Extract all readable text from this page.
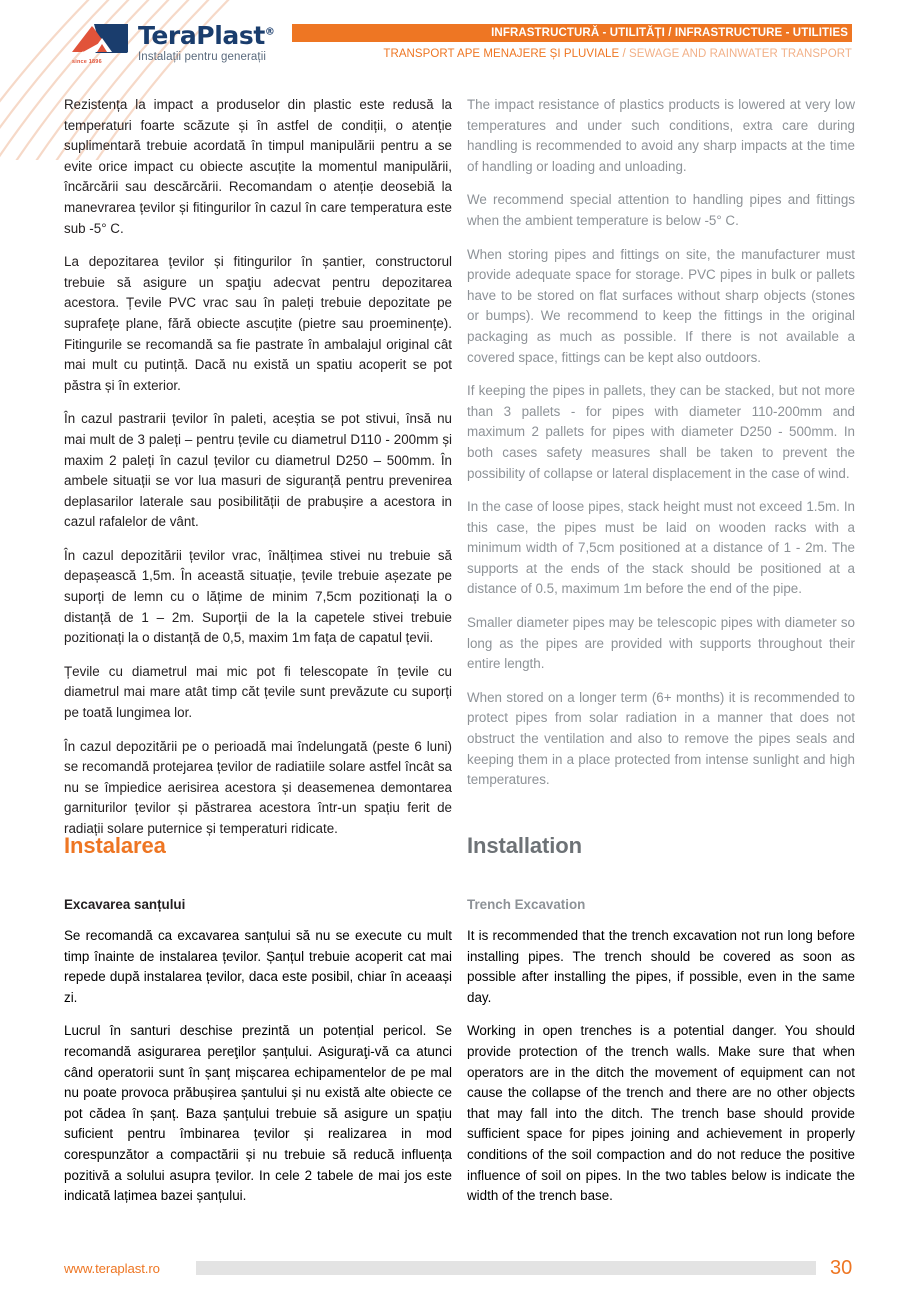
since 1896
TeraPlast®
Instalații pentru generații
INFRASTRUCTURĂ - UTILITĂȚI / INFRASTRUCTURE - UTILITIES
TRANSPORT APE MENAJERE ȘI PLUVIALE / SEWAGE AND RAINWATER TRANSPORT

Rezistența la impact a produselor din plastic este redusă la temperaturi foarte scăzute și în astfel de condiții, o atenție suplimentară trebuie acordată în timpul manipulării pentru a se evite orice impact cu obiecte ascuțite la momentul manipulării, încărcării sau descărcării. Recomandam o atenție deosebiă la manevrarea țevilor și fitingurilor în cazul în care temperatura este sub -5° C.

La depozitarea țevilor și fitingurilor în șantier, constructorul trebuie să asigure un spaţiu adecvat pentru depozitarea acestora. Țevile PVC vrac sau în paleți trebuie depozitate pe suprafețe plane, fără obiecte ascuțite (pietre sau proeminențe). Fitingurile se recomandă sa fie pastrate în ambalajul original cât mai mult cu putință. Dacă nu există un spatiu acoperit se pot păstra și în exterior.

În cazul pastrarii țevilor în paleti, aceștia se pot stivui, însă nu mai mult de 3 paleți – pentru țevile cu diametrul D110 - 200mm și maxim 2 paleți în cazul țevilor cu diametrul D250 – 500mm. În ambele situații se vor lua masuri de siguranță pentru prevenirea deplasarilor laterale sau posibilității de prabușire a acestora in cazul rafalelor de vânt.

În cazul depozitării țevilor vrac, înălțimea stivei nu trebuie să depașească 1,5m. În această situație, țevile trebuie așezate pe suporți de lemn cu o lățime de minim 7,5cm pozitionați la o distanță de 1 – 2m. Suporții de la la capetele stivei trebuie pozitionați la o distanță de 0,5, maxim 1m fața de capatul țevii.

Țevile cu diametrul mai mic pot fi telescopate în țevile cu diametrul mai mare atât timp căt țevile sunt prevăzute cu suporți pe toată lungimea lor.

În cazul depozitării pe o perioadă mai îndelungată (peste 6 luni) se recomandă protejarea țevilor de radiatiile solare astfel încât sa nu se împiedice aerisirea acestora și deasemenea demontarea garniturilor țevilor și păstrarea acestora într-un spațiu ferit de radiații solare puternice și temperaturi ridicate.

The impact resistance of plastics products is lowered at very low temperatures and under such conditions, extra care during handling is recommended to avoid any sharp impacts at the time of handling or loading and unloading.

We recommend special attention to handling pipes and fittings when the ambient temperature is below -5° C.

When storing pipes and fittings on site, the manufacturer must provide adequate space for storage. PVC pipes in bulk or pallets have to be stored on flat surfaces without sharp objects (stones or bumps). We recommend to keep the fittings in the original packaging as much as possible. If there is not available a covered space, fittings can be kept also outdoors.

If keeping the pipes in pallets, they can be stacked, but not more than 3 pallets - for pipes with diameter 110-200mm and maximum 2 pallets for pipes with diameter D250 - 500mm. In both cases safety measures shall be taken to prevent the possibility of collapse or lateral displacement in the case of wind.

In the case of loose pipes, stack height must not exceed 1.5m. In this case, the pipes must be laid on wooden racks with a minimum width of 7,5cm positioned at a distance of 1 - 2m. The supports at the ends of the stack should be positioned at a distance of 0.5, maximum 1m before the end of the pipe.

Smaller diameter pipes may be telescopic pipes with diameter so long as the pipes are provided with supports throughout their entire length.

When stored on a longer term (6+ months) it is recommended to protect pipes from solar radiation in a manner that does not obstruct the ventilation and also to remove the pipes seals and keeping them in a place protected from intense sunlight and high temperatures.

Instalarea
Excavarea sanțului

Se recomandă ca excavarea sanțului să nu se execute cu mult timp înainte de instalarea țevilor. Șanțul trebuie acoperit cat mai repede după instalarea țevilor, daca este posibil, chiar în aceaași zi.

Lucrul în santuri deschise prezintă un potențial pericol. Se recomandă asigurarea pereţilor șanțului. Asiguraţi-vă ca atunci când operatorii sunt în șanț mișcarea echipamentelor de pe mal nu poate provoca prăbușirea șantului și nu există alte obiecte ce pot cădea în șanț. Baza șanțului trebuie să asigure un spațiu suficient pentru îmbinarea țevilor și realizarea in mod corespunzător a compactării și nu trebuie să reducă influența pozitivă a solului asupra țevilor. In cele 2 tabele de mai jos este indicată lațimea bazei șanțului.

Installation
Trench Excavation

It is recommended that the trench excavation not run long before installing pipes. The trench should be covered as soon as possible after installing the pipes, if possible, even in the same day.

Working in open trenches is a potential danger. You should provide protection of the trench walls. Make sure that when operators are in the ditch the movement of equipment can not cause the collapse of the trench and there are no other objects that may fall into the ditch. The trench base should provide sufficient space for pipes joining and achievement in properly conditions of the soil compaction and do not reduce the positive influence of soil on pipes. In the two tables below is indicate the width of the trench base.

www.teraplast.ro	30
